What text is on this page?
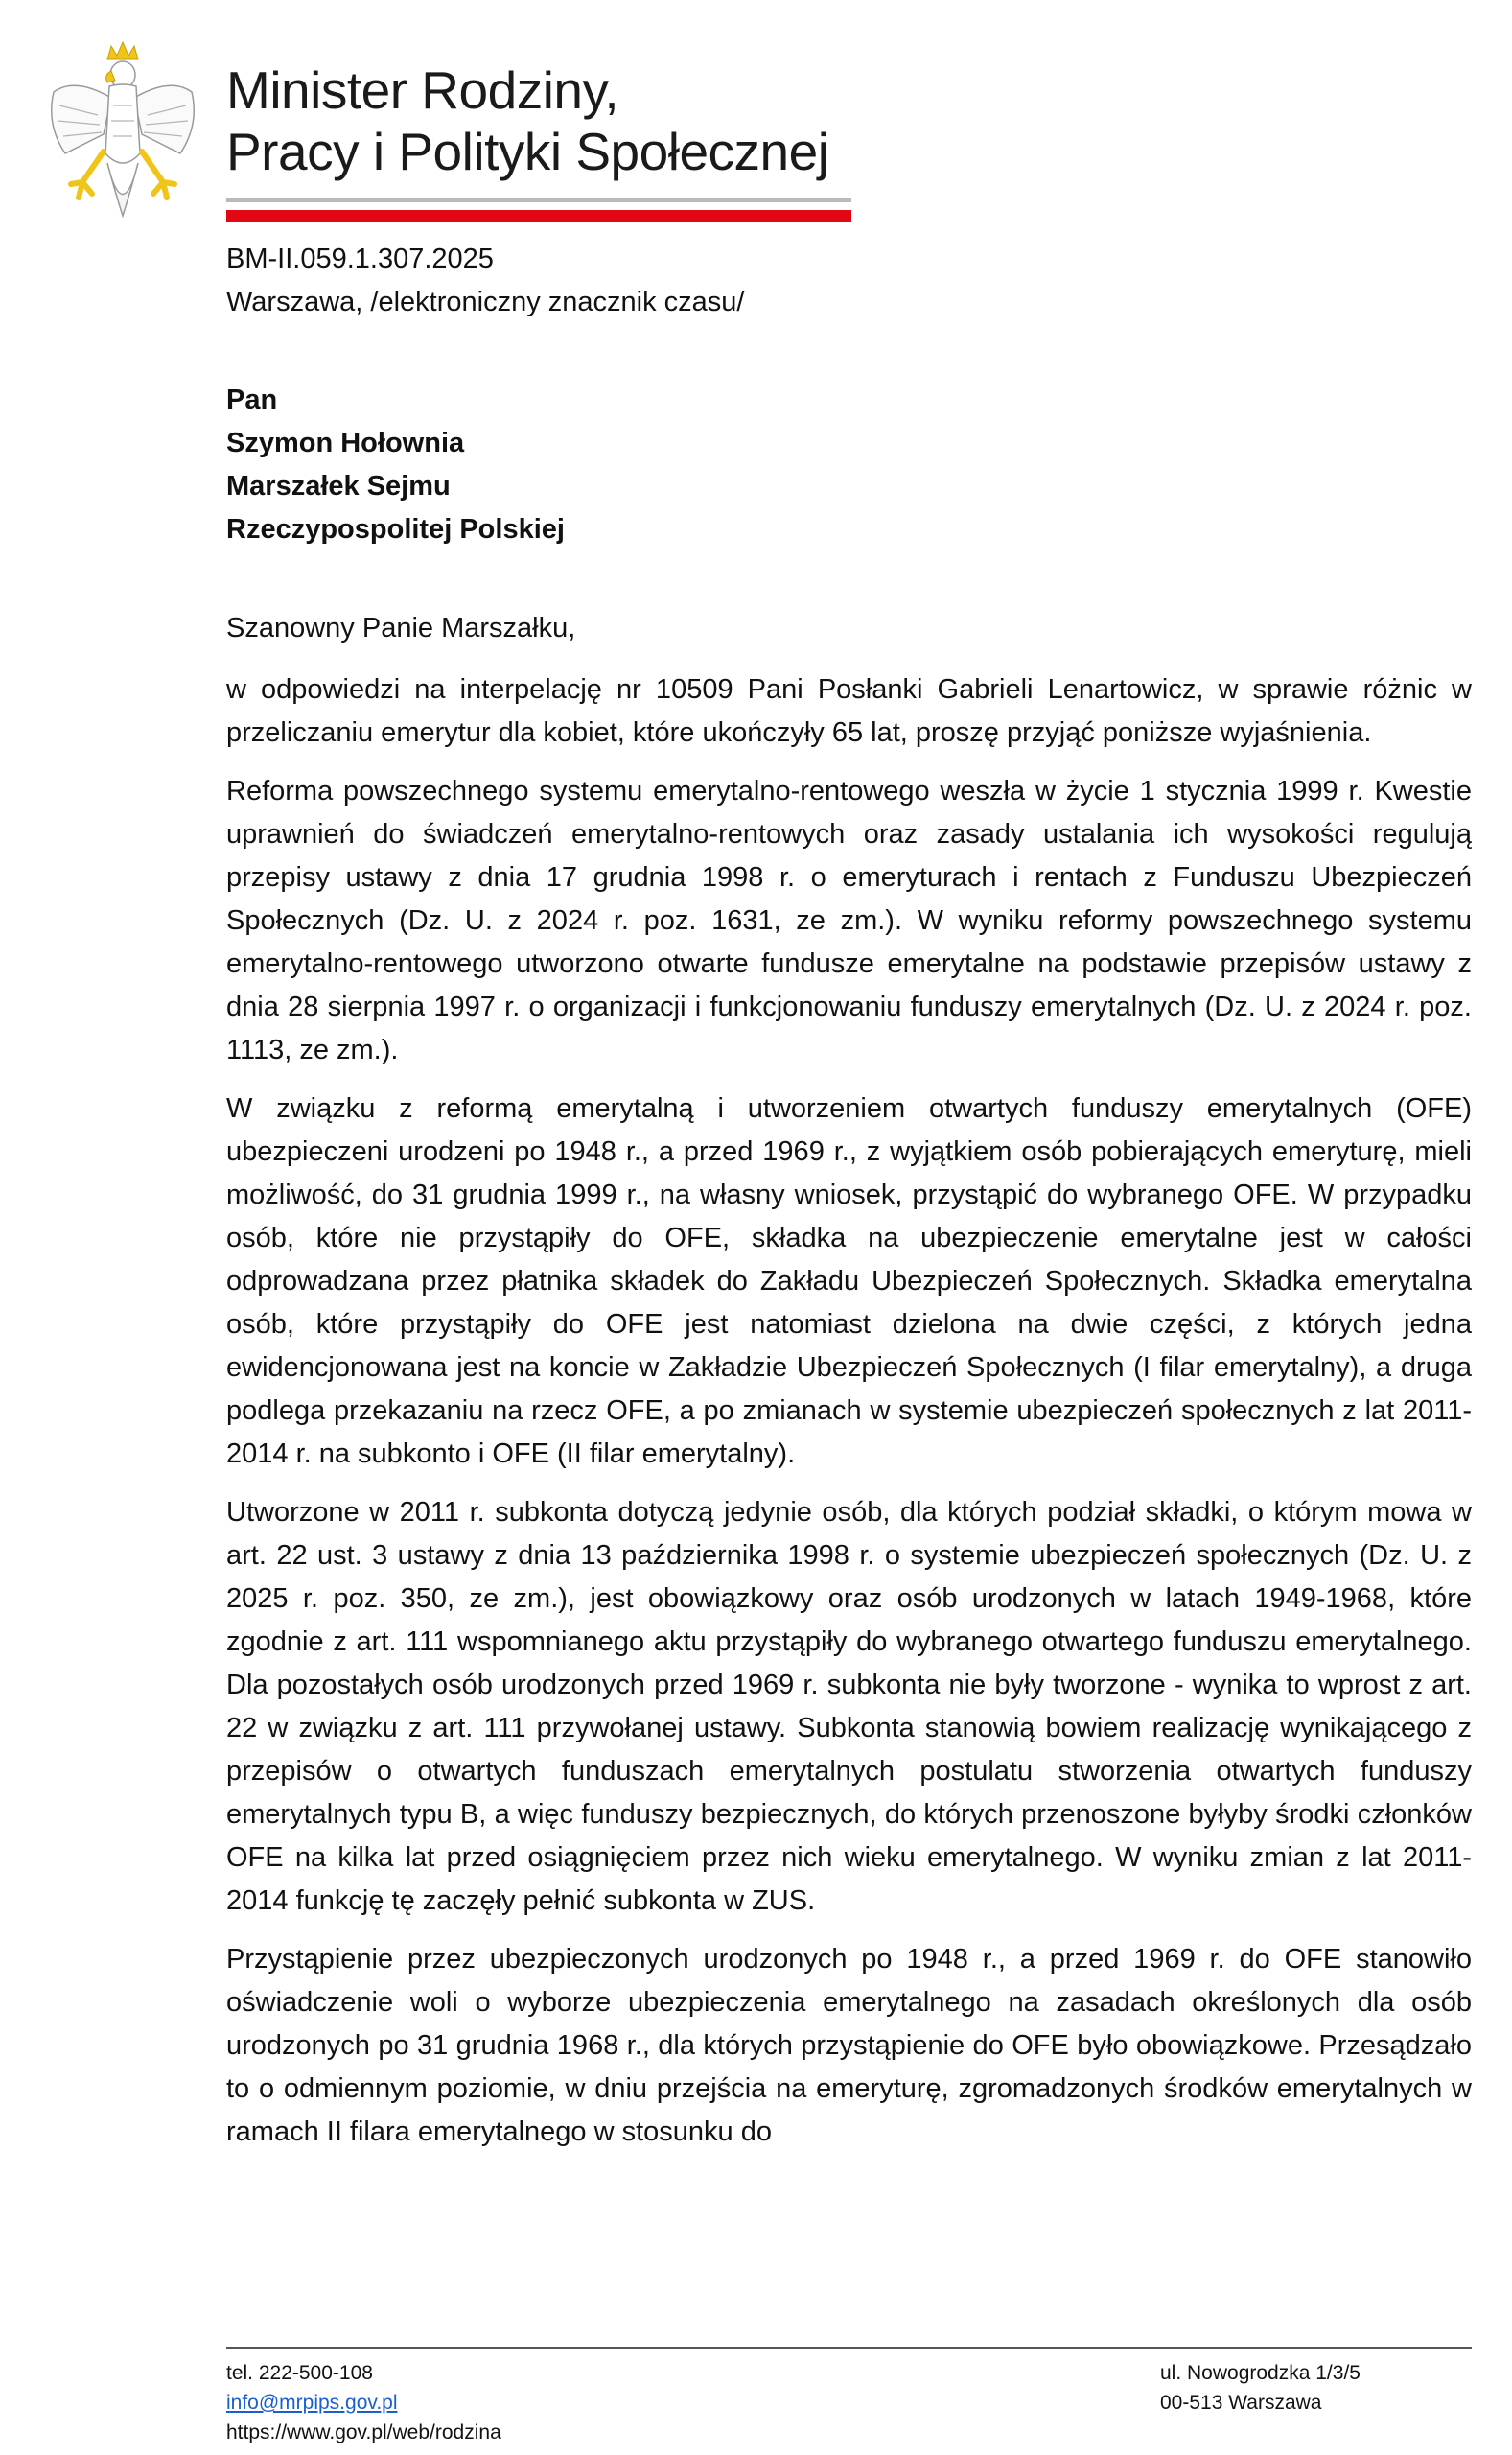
Minister Rodziny,
Pracy i Polityki Społecznej
BM-II.059.1.307.2025
Warszawa, /elektroniczny znacznik czasu/
Pan
Szymon Hołownia
Marszałek Sejmu
Rzeczypospolitej Polskiej
Szanowny Panie Marszałku,

w odpowiedzi na interpelację nr 10509 Pani Posłanki Gabrieli Lenartowicz, w sprawie różnic w przeliczaniu emerytur dla kobiet, które ukończyły 65 lat, proszę przyjąć poniższe wyjaśnienia.

Reforma powszechnego systemu emerytalno-rentowego weszła w życie 1 stycznia 1999 r. Kwestie uprawnień do świadczeń emerytalno-rentowych oraz zasady ustalania ich wysokości regulują przepisy ustawy z dnia 17 grudnia 1998 r. o emeryturach i rentach z Funduszu Ubezpieczeń Społecznych (Dz. U. z 2024 r. poz. 1631, ze zm.). W wyniku reformy powszechnego systemu emerytalno-rentowego utworzono otwarte fundusze emerytalne na podstawie przepisów ustawy z dnia 28 sierpnia 1997 r. o organizacji i funkcjonowaniu funduszy emerytalnych (Dz. U. z 2024 r. poz. 1113, ze zm.).

W związku z reformą emerytalną i utworzeniem otwartych funduszy emerytalnych (OFE) ubezpieczeni urodzeni po 1948 r., a przed 1969 r., z wyjątkiem osób pobierających emeryturę, mieli możliwość, do 31 grudnia 1999 r., na własny wniosek, przystąpić do wybranego OFE. W przypadku osób, które nie przystąpiły do OFE, składka na ubezpieczenie emerytalne jest w całości odprowadzana przez płatnika składek do Zakładu Ubezpieczeń Społecznych. Składka emerytalna osób, które przystąpiły do OFE jest natomiast dzielona na dwie części, z których jedna ewidencjonowana jest na koncie w Zakładzie Ubezpieczeń Społecznych (I filar emerytalny), a druga podlega przekazaniu na rzecz OFE, a po zmianach w systemie ubezpieczeń społecznych z lat 2011-2014 r. na subkonto i OFE (II filar emerytalny).

Utworzone w 2011 r. subkonta dotyczą jedynie osób, dla których podział składki, o którym mowa w art. 22 ust. 3 ustawy z dnia 13 października 1998 r. o systemie ubezpieczeń społecznych (Dz. U. z 2025 r. poz. 350, ze zm.), jest obowiązkowy oraz osób urodzonych w latach 1949-1968, które zgodnie z art. 111 wspomnianego aktu przystąpiły do wybranego otwartego funduszu emerytalnego. Dla pozostałych osób urodzonych przed 1969 r. subkonta nie były tworzone - wynika to wprost z art. 22 w związku z art. 111 przywołanej ustawy. Subkonta stanowią bowiem realizację wynikającego z przepisów o otwartych funduszach emerytalnych postulatu stworzenia otwartych funduszy emerytalnych typu B, a więc funduszy bezpiecznych, do których przenoszone byłyby środki członków OFE na kilka lat przed osiągnięciem przez nich wieku emerytalnego. W wyniku zmian z lat 2011-2014 funkcję tę zaczęły pełnić subkonta w ZUS.

Przystąpienie przez ubezpieczonych urodzonych po 1948 r., a przed 1969 r. do OFE stanowiło oświadczenie woli o wyborze ubezpieczenia emerytalnego na zasadach określonych dla osób urodzonych po 31 grudnia 1968 r., dla których przystąpienie do OFE było obowiązkowe. Przesądzało to o odmiennym poziomie, w dniu przejścia na emeryturę, zgromadzonych środków emerytalnych w ramach II filara emerytalnego w stosunku do

tel. 222-500-108
info@mrpips.gov.pl
https://www.gov.pl/web/rodzina
ul. Nowogrodzka 1/3/5
00-513 Warszawa
